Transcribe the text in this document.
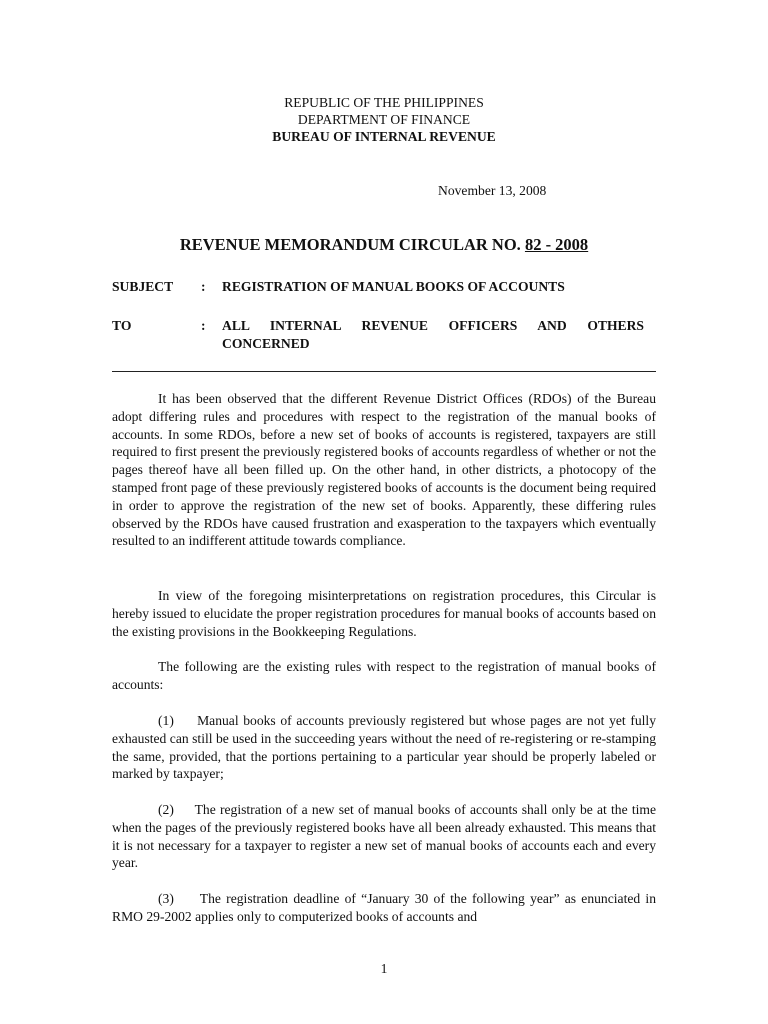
REPUBLIC OF THE PHILIPPINES
DEPARTMENT OF FINANCE
BUREAU OF INTERNAL REVENUE
November 13, 2008
REVENUE MEMORANDUM CIRCULAR NO. 82 - 2008
SUBJECT	: REGISTRATION OF MANUAL BOOKS OF ACCOUNTS
TO	: ALL INTERNAL REVENUE OFFICERS AND OTHERS CONCERNED
It has been observed that the different Revenue District Offices (RDOs) of the Bureau adopt differing rules and procedures with respect to the registration of the manual books of accounts. In some RDOs, before a new set of books of accounts is registered, taxpayers are still required to first present the previously registered books of accounts regardless of whether or not the pages thereof have all been filled up. On the other hand, in other districts, a photocopy of the stamped front page of these previously registered books of accounts is the document being required in order to approve the registration of the new set of books. Apparently, these differing rules observed by the RDOs have caused frustration and exasperation to the taxpayers which eventually resulted to an indifferent attitude towards compliance.
In view of the foregoing misinterpretations on registration procedures, this Circular is hereby issued to elucidate the proper registration procedures for manual books of accounts based on the existing provisions in the Bookkeeping Regulations.
The following are the existing rules with respect to the registration of manual books of accounts:
(1)     Manual books of accounts previously registered but whose pages are not yet fully exhausted can still be used in the succeeding years without the need of re-registering or re-stamping the same, provided, that the portions pertaining to a particular year should be properly labeled or marked by taxpayer;
(2)     The registration of a new set of manual books of accounts shall only be at the time when the pages of the previously registered books have all been already exhausted. This means that it is not necessary for a taxpayer to register a new set of manual books of accounts each and every year.
(3)     The registration deadline of “January 30 of the following year” as enunciated in RMO 29-2002 applies only to computerized books of accounts and
1
